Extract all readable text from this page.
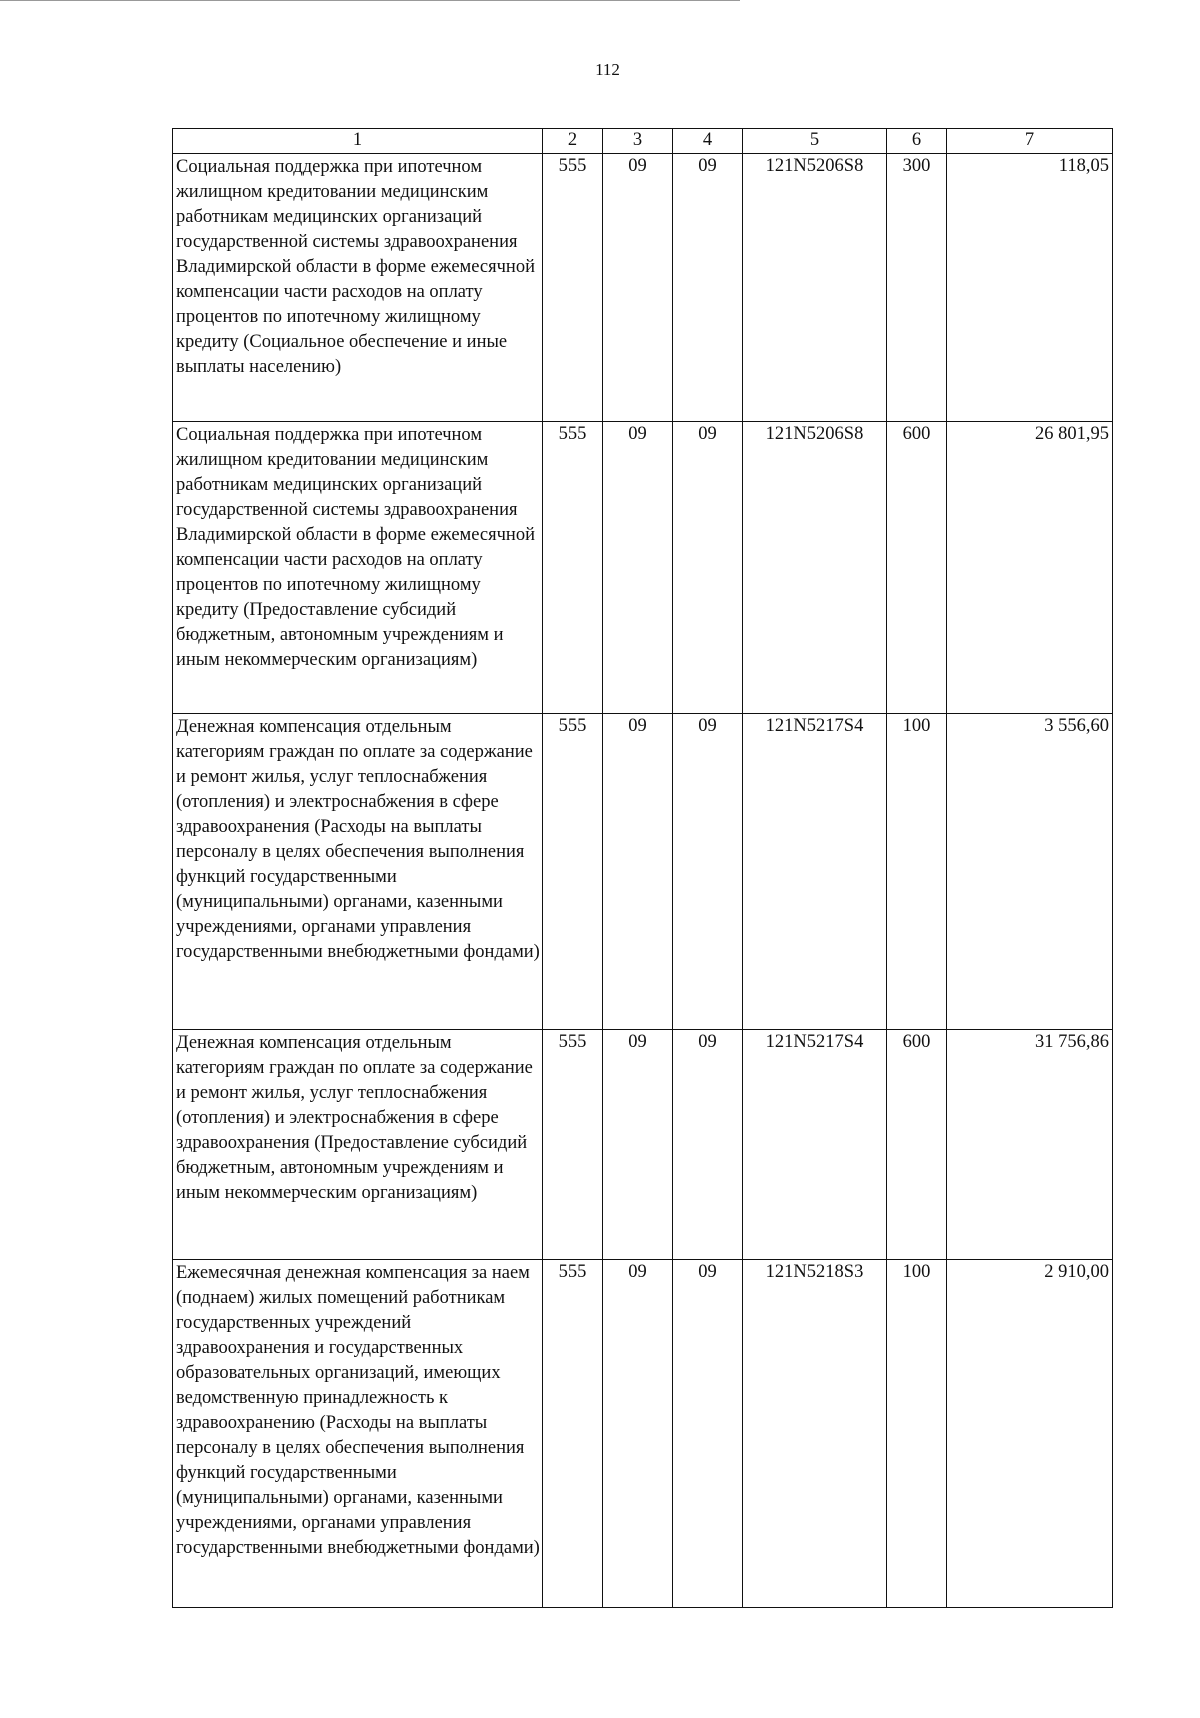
112
1	2	3	4	5	6	7
Социальная поддержка при ипотечном жилищном кредитовании медицинским работникам медицинских организаций государственной системы здравоохранения Владимирской области в форме ежемесячной компенсации части расходов на оплату процентов по ипотечному жилищному кредиту (Социальное обеспечение и иные выплаты населению)	555	09	09	121N5206S8	300	118,05
Социальная поддержка при ипотечном жилищном кредитовании медицинским работникам медицинских организаций государственной системы здравоохранения Владимирской области в форме ежемесячной компенсации части расходов на оплату процентов по ипотечному жилищному кредиту (Предоставление субсидий бюджетным, автономным учреждениям и иным некоммерческим организациям)	555	09	09	121N5206S8	600	26 801,95
Денежная компенсация отдельным категориям граждан по оплате за содержание и ремонт жилья, услуг теплоснабжения (отопления) и электроснабжения в сфере здравоохранения (Расходы на выплаты персоналу в целях обеспечения выполнения функций государственными (муниципальными) органами, казенными учреждениями, органами управления государственными внебюджетными фондами)	555	09	09	121N5217S4	100	3 556,60
Денежная компенсация отдельным категориям граждан по оплате за содержание и ремонт жилья, услуг теплоснабжения (отопления) и электроснабжения в сфере здравоохранения (Предоставление субсидий бюджетным, автономным учреждениям и иным некоммерческим организациям)	555	09	09	121N5217S4	600	31 756,86
Ежемесячная денежная компенсация за наем (поднаем) жилых помещений работникам государственных учреждений здравоохранения и государственных образовательных организаций, имеющих ведомственную принадлежность к здравоохранению (Расходы на выплаты персоналу в целях обеспечения выполнения функций государственными (муниципальными) органами, казенными учреждениями, органами управления государственными внебюджетными фондами)	555	09	09	121N5218S3	100	2 910,00
